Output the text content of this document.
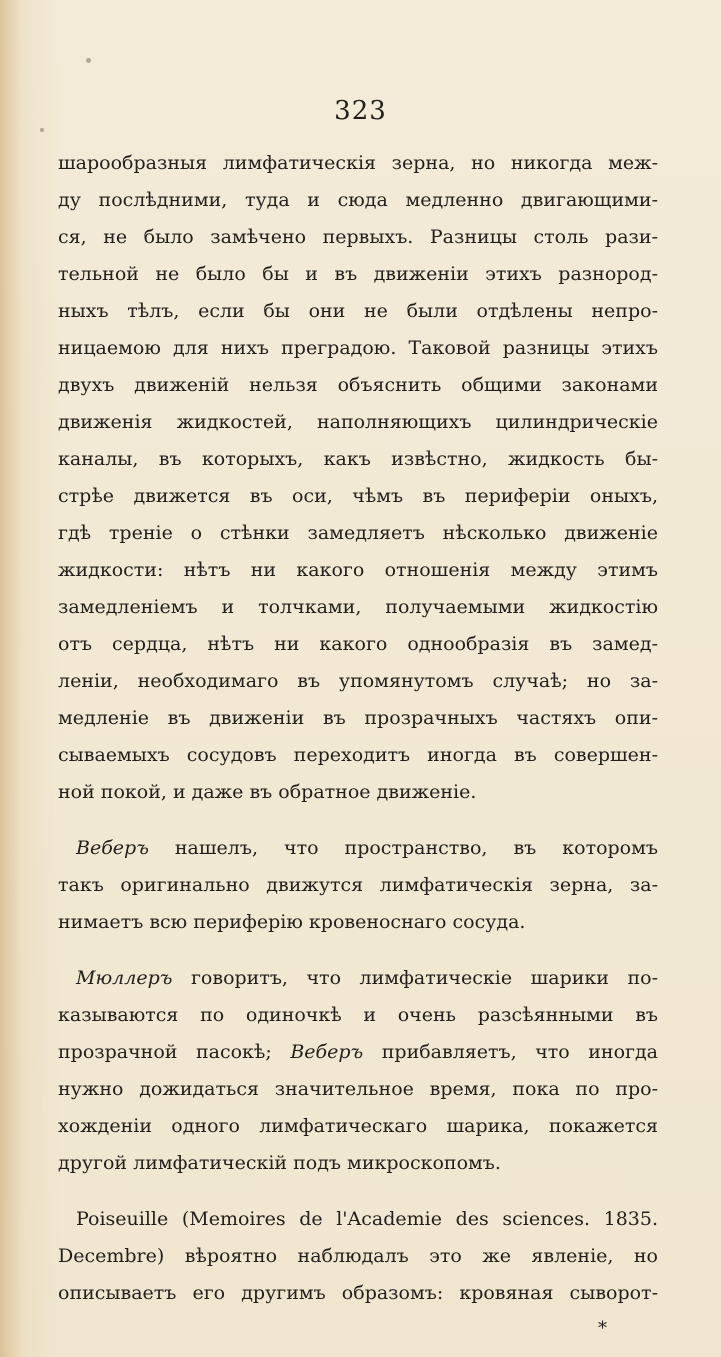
323
шарообразныя лимфатическія зерна, но никогда меж-
ду послѣдними, туда и сюда медленно двигающими-
ся, не было замѣчено первыхъ. Разницы столь рази-
тельной не было бы и въ движеніи этихъ разнород-
ныхъ тѣлъ, если бы они не были отдѣлены непро-
ницаемою для нихъ преградою. Таковой разницы этихъ
двухъ движеній нельзя объяснить общими законами
движенія жидкостей, наполняющихъ цилиндрическіе
каналы, въ которыхъ, какъ извѣстно, жидкость бы-
стрѣе движется въ оси, чѣмъ въ периферіи оныхъ,
гдѣ треніе о стѣнки замедляетъ нѣсколько движеніе
жидкости: нѣтъ ни какого отношенія между этимъ
замедленіемъ и толчками, получаемыми жидкостію
отъ сердца, нѣтъ ни какого однообразія въ замед-
леніи, необходимаго въ упомянутомъ случаѣ; но за-
медленіе въ движеніи въ прозрачныхъ частяхъ опи-
сываемыхъ сосудовъ переходитъ иногда въ совершен-
ной покой, и даже въ обратное движеніе.
Веберъ нашелъ, что пространство, въ которомъ
такъ оригинально движутся лимфатическія зерна, за-
нимаетъ всю периферію кровеноснаго сосуда.
Мюллеръ говоритъ, что лимфатическіе шарики по-
казываются по одиночкѣ и очень разсѣянными въ
прозрачной пасокѣ; Веберъ прибавляетъ, что иногда
нужно дожидаться значительное время, пока по про-
хожденіи одного лимфатическаго шарика, покажется
другой лимфатическій подъ микроскопомъ.
Poiseuille (Memoires de l'Academie des sciences. 1835.
Decembre) вѣроятно наблюдалъ это же явленіе, но
описываетъ его другимъ образомъ: кровяная сыворот-
*
